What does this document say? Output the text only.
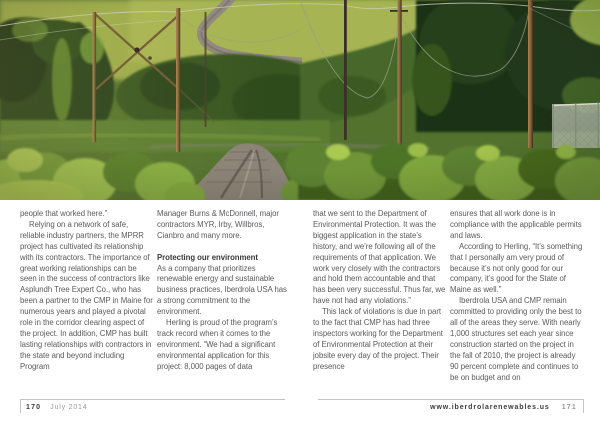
people that worked here.”

Relying on a network of safe, reliable industry partners, the MPRR project has cultivated its relationship with its contractors. The importance of great working relationships can be seen in the success of contractors like Asplundh Tree Expert Co., who has been a partner to the CMP in Maine for numerous years and played a pivotal role in the corridor clearing aspect of the project. In addition, CMP has built lasting relationships with contractors in the state and beyond including Program

Manager Burns & McDonnell, major contractors MYR, Irby, Willbros, Cianbro and many more.

Protecting our environment

As a company that prioritizes renewable energy and sustainable business practices, Iberdrola USA has a strong commitment to the environment.

Herling is proud of the program’s track record when it comes to the environment. “We had a significant environmental application for this project: 8,000 pages of data

that we sent to the Department of Environmental Protection. It was the biggest application in the state’s history, and we’re following all of the requirements of that application. We work very closely with the contractors and hold them accountable and that has been very successful. Thus far, we have not had any violations.”

This lack of violations is due in part to the fact that CMP has had three inspectors working for the Department of Environmental Protection at their jobsite every day of the project. Their presence

ensures that all work done is in compliance with the applicable permits and laws.

According to Herling, “It’s something that I personally am very proud of because it’s not only good for our company, it’s good for the State of Maine as well.”

Iberdrola USA and CMP remain committed to providing only the best to all of the areas they serve. With nearly 1,000 structures set each year since construction started on the project in the fall of 2010, the project is already 90 percent complete and continues to be on budget and on

170 July 2014	www.iberdrolarenewables.us 171
